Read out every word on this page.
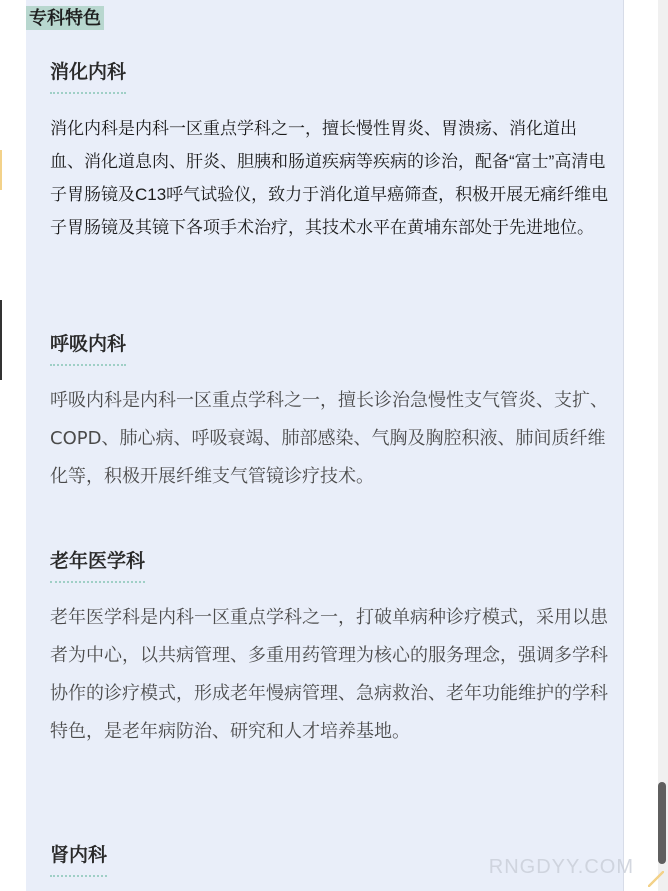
专科特色
消化内科
消化内科是内科一区重点学科之一，擅长慢性胃炎、胃溃疡、消化道出血、消化道息肉、肝炎、胆胰和肠道疾病等疾病的诊治，配备“富士”高清电子胃肠镜及C13呼气试验仪，致力于消化道早癌筛查，积极开展无痛纤维电子胃肠镜及其镜下各项手术治疗，其技术水平在黄埔东部处于先进地位。
呼吸内科
呼吸内科是内科一区重点学科之一，擅长诊治急慢性支气管炎、支扩、COPD、肺心病、呼吸衰竭、肺部感染、气胸及胸腔积液、肺间质纤维化等，积极开展纤维支气管镜诊疗技术。
老年医学科
老年医学科是内科一区重点学科之一，打破单病种诊疗模式，采用以患者为中心，以共病管理、多重用药管理为核心的服务理念，强调多学科协作的诊疗模式，形成老年慢病管理、急病救治、老年功能维护的学科特色，是老年病防治、研究和人才培养基地。
肾内科
RNGDYY.COM
